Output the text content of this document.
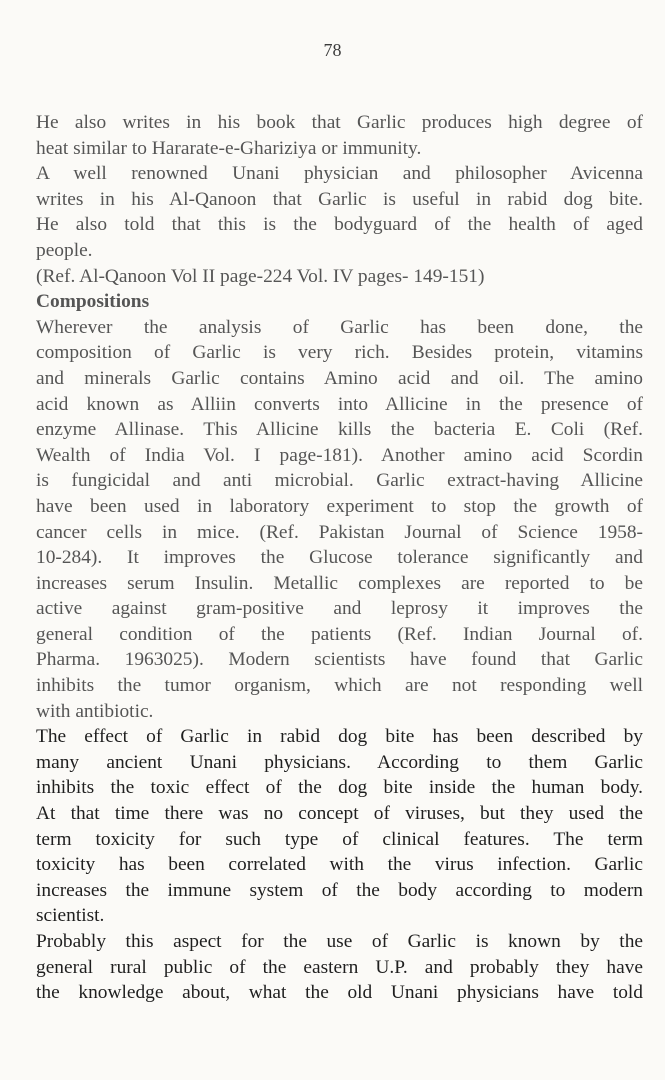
78
He also writes in his book that Garlic produces high degree of
heat similar to Hararate-e-Ghariziya or immunity.
A well renowned Unani physician and philosopher Avicenna
writes in his Al-Qanoon that Garlic is useful in rabid dog bite.
He also told that this is the bodyguard of the health of aged
people.
(Ref. Al-Qanoon Vol II page-224 Vol. IV pages- 149-151)
Compositions
Wherever the analysis of Garlic has been done, the
composition of Garlic is very rich. Besides protein, vitamins
and minerals Garlic contains Amino acid and oil. The amino
acid known as Alliin converts into Allicine in the presence of
enzyme Allinase. This Allicine kills the bacteria E. Coli (Ref.
Wealth of India Vol. I page-181). Another amino acid Scordin
is fungicidal and anti microbial. Garlic extract-having Allicine
have been used in laboratory experiment to stop the growth of
cancer cells in mice. (Ref. Pakistan Journal of Science 1958-
10-284). It improves the Glucose tolerance significantly and
increases serum Insulin. Metallic complexes are reported to be
active against gram-positive and leprosy it improves the
general condition of the patients (Ref. Indian Journal of.
Pharma. 1963025). Modern scientists have found that Garlic
inhibits the tumor organism, which are not responding well
with antibiotic.
The effect of Garlic in rabid dog bite has been described by
many ancient Unani physicians. According to them Garlic
inhibits the toxic effect of the dog bite inside the human body.
At that time there was no concept of viruses, but they used the
term toxicity for such type of clinical features. The term
toxicity has been correlated with the virus infection. Garlic
increases the immune system of the body according to modern
scientist.
Probably this aspect for the use of Garlic is known by the
general rural public of the eastern U.P. and probably they have
the knowledge about, what the old Unani physicians have told
